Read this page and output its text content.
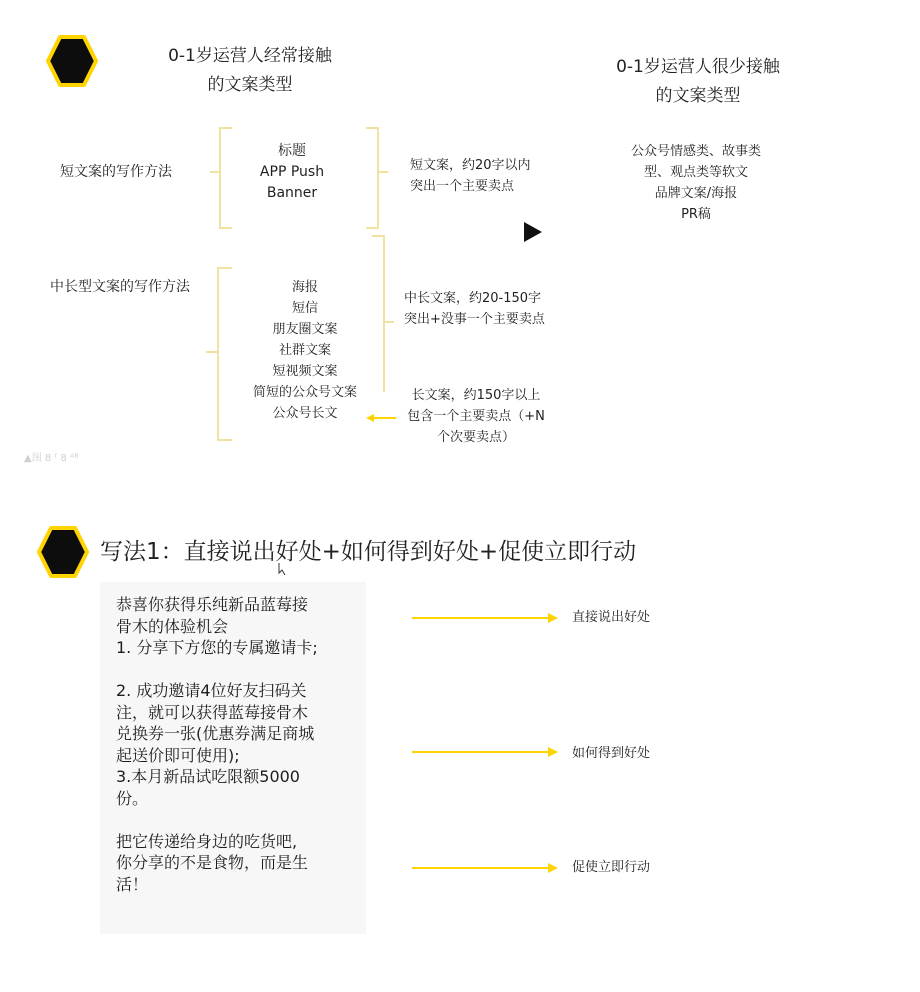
0-1岁运营人经常接触
的文案类型
0-1岁运营人很少接触
的文案类型
短文案的写作方法
标题
APP Push
Banner
短文案，约20字以内
突出一个主要卖点
中长型文案的写作方法	海报
短信
朋友圈文案
社群文案
短视频文案
简短的公众号文案
公众号长文
中长文案，约20-150字
突出+没事一个主要卖点
长文案，约150字以上
包含一个主要卖点（+N
个次要卖点）
公众号情感类、故事类
型、观点类等软文
品牌文案/海报
PR稿
▲图 8 ᶠ 8 ᴬᴮ
写法1：直接说出好处+如何得到好处+促使立即行动
恭喜你获得乐纯新品蓝莓接
骨木的体验机会
1. 分享下方您的专属邀请卡;
2. 成功邀请4位好友扫码关
注，就可以获得蓝莓接骨木
兑换券一张(优惠券满足商城
起送价即可使用);
3.本月新品试吃限额5000
份。
把它传递给身边的吃货吧,
你分享的不是食物，而是生
活！
直接说出好处
如何得到好处
促使立即行动
